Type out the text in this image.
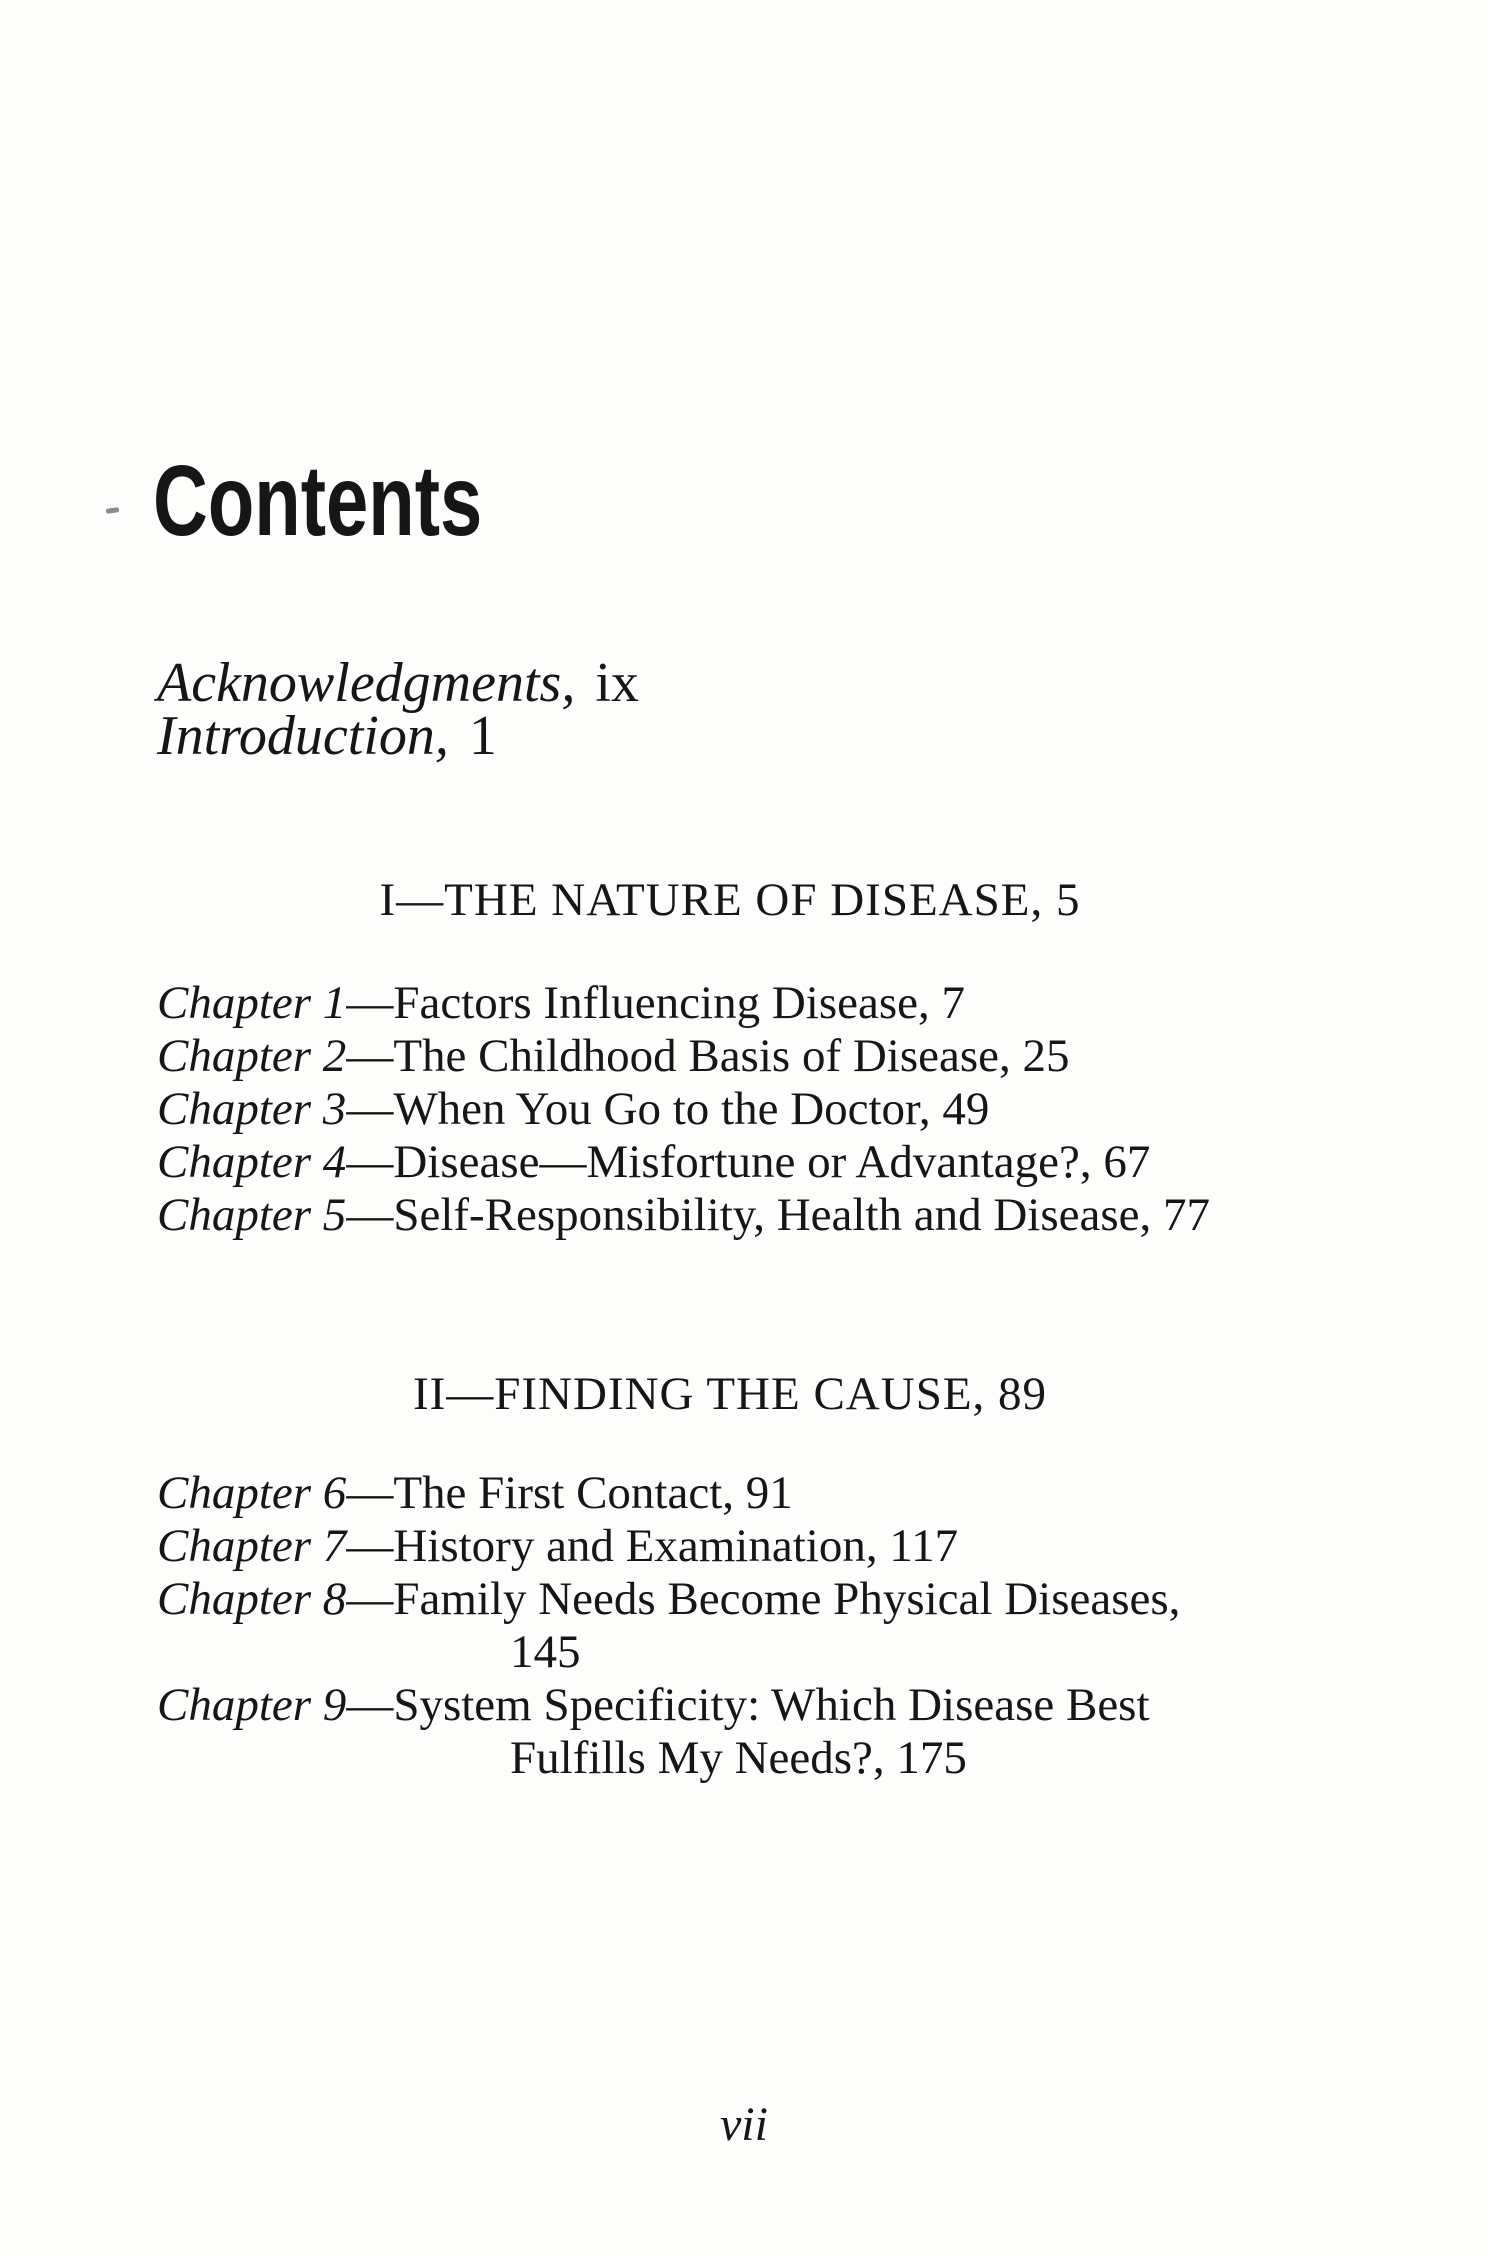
Contents
Acknowledgments, ix
Introduction, 1
I—THE NATURE OF DISEASE, 5
Chapter 1—Factors Influencing Disease, 7
Chapter 2—The Childhood Basis of Disease, 25
Chapter 3—When You Go to the Doctor, 49
Chapter 4—Disease—Misfortune or Advantage?, 67
Chapter 5—Self-Responsibility, Health and Disease, 77
II—FINDING THE CAUSE, 89
Chapter 6—The First Contact, 91
Chapter 7—History and Examination, 117
Chapter 8—Family Needs Become Physical Diseases,
145
Chapter 9—System Specificity: Which Disease Best
Fulfills My Needs?, 175
vii
